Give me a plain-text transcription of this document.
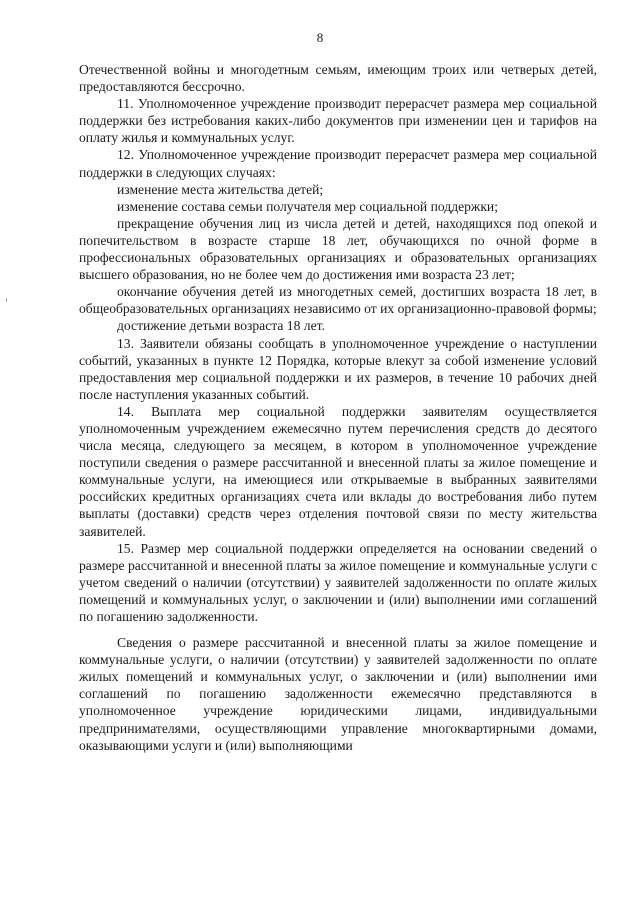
8

Отечественной войны и многодетным семьям, имеющим троих или четверых детей, предоставляются бессрочно.

11. Уполномоченное учреждение производит перерасчет размера мер социальной поддержки без истребования каких-либо документов при изменении цен и тарифов на оплату жилья и коммунальных услуг.

12. Уполномоченное учреждение производит перерасчет размера мер социальной поддержки в следующих случаях:

изменение места жительства детей;

изменение состава семьи получателя мер социальной поддержки;

прекращение обучения лиц из числа детей и детей, находящихся под опекой и попечительством в возрасте старше 18 лет, обучающихся по очной форме в профессиональных образовательных организациях и образовательных организациях высшего образования, но не более чем до достижения ими возраста 23 лет;

окончание обучения детей из многодетных семей, достигших возраста 18 лет, в общеобразовательных организациях независимо от их организационно-правовой формы;

достижение детьми возраста 18 лет.

13. Заявители обязаны сообщать в уполномоченное учреждение о наступлении событий, указанных в пункте 12 Порядка, которые влекут за собой изменение условий предоставления мер социальной поддержки и их размеров, в течение 10 рабочих дней после наступления указанных событий.

14. Выплата мер социальной поддержки заявителям осуществляется уполномоченным учреждением ежемесячно путем перечисления средств до десятого числа месяца, следующего за месяцем, в котором в уполномоченное учреждение поступили сведения о размере рассчитанной и внесенной платы за жилое помещение и коммунальные услуги, на имеющиеся или открываемые в выбранных заявителями российских кредитных организациях счета или вклады до востребования либо путем выплаты (доставки) средств через отделения почтовой связи по месту жительства заявителей.

15. Размер мер социальной поддержки определяется на основании сведений о размере рассчитанной и внесенной платы за жилое помещение и коммунальные услуги с учетом сведений о наличии (отсутствии) у заявителей задолженности по оплате жилых помещений и коммунальных услуг, о заключении и (или) выполнении ими соглашений по погашению задолженности.

Сведения о размере рассчитанной и внесенной платы за жилое помещение и коммунальные услуги, о наличии (отсутствии) у заявителей задолженности по оплате жилых помещений и коммунальных услуг, о заключении и (или) выполнении ими соглашений по погашению задолженности ежемесячно представляются в уполномоченное учреждение юридическими лицами, индивидуальными предпринимателями, осуществляющими управление многоквартирными домами, оказывающими услуги и (или) выполняющими
